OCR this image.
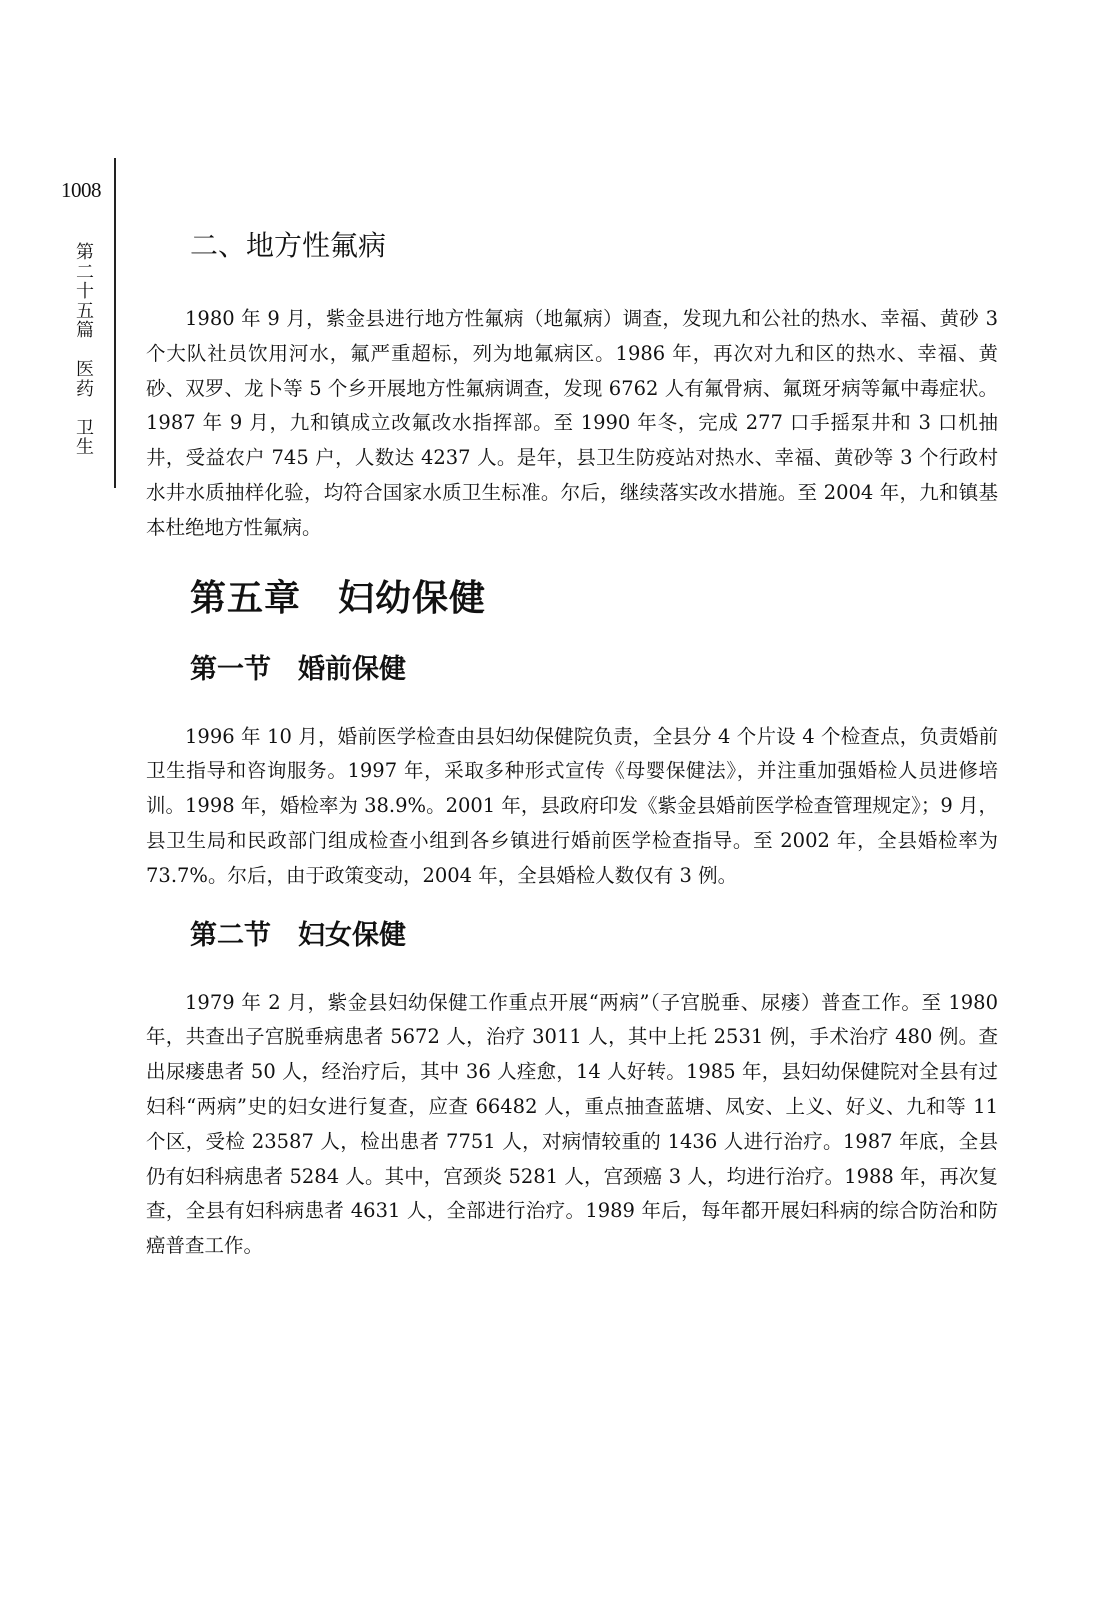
1008
第
二
十
五
篇

医
药

卫
生
二、地方性氟病

1980 年 9 月，紫金县进行地方性氟病（地氟病）调查，发现九和公社的热水、幸福、黄砂 3 个大队社员饮用河水，氟严重超标，列为地氟病区。1986 年，再次对九和区的热水、幸福、黄砂、双罗、龙卜等 5 个乡开展地方性氟病调查，发现 6762 人有氟骨病、氟斑牙病等氟中毒症状。1987 年 9 月，九和镇成立改氟改水指挥部。至 1990 年冬，完成 277 口手摇泵井和 3 口机抽井，受益农户 745 户，人数达 4237 人。是年，县卫生防疫站对热水、幸福、黄砂等 3 个行政村水井水质抽样化验，均符合国家水质卫生标准。尔后，继续落实改水措施。至 2004 年，九和镇基本杜绝地方性氟病。

第五章　妇幼保健
第一节　婚前保健

1996 年 10 月，婚前医学检查由县妇幼保健院负责，全县分 4 个片设 4 个检查点，负责婚前卫生指导和咨询服务。1997 年，采取多种形式宣传《母婴保健法》，并注重加强婚检人员进修培训。1998 年，婚检率为 38.9%。2001 年，县政府印发《紫金县婚前医学检查管理规定》；9 月，县卫生局和民政部门组成检查小组到各乡镇进行婚前医学检查指导。至 2002 年，全县婚检率为 73.7%。尔后，由于政策变动，2004 年，全县婚检人数仅有 3 例。

第二节　妇女保健

1979 年 2 月，紫金县妇幼保健工作重点开展“两病”（子宫脱垂、尿瘘）普查工作。至 1980 年，共查出子宫脱垂病患者 5672 人，治疗 3011 人，其中上托 2531 例，手术治疗 480 例。查出尿瘘患者 50 人，经治疗后，其中 36 人痊愈，14 人好转。1985 年，县妇幼保健院对全县有过妇科“两病”史的妇女进行复查，应查 66482 人，重点抽查蓝塘、凤安、上义、好义、九和等 11 个区，受检 23587 人，检出患者 7751 人，对病情较重的 1436 人进行治疗。1987 年底，全县仍有妇科病患者 5284 人。其中，宫颈炎 5281 人，宫颈癌 3 人，均进行治疗。1988 年，再次复查，全县有妇科病患者 4631 人，全部进行治疗。1989 年后，每年都开展妇科病的综合防治和防癌普查工作。
